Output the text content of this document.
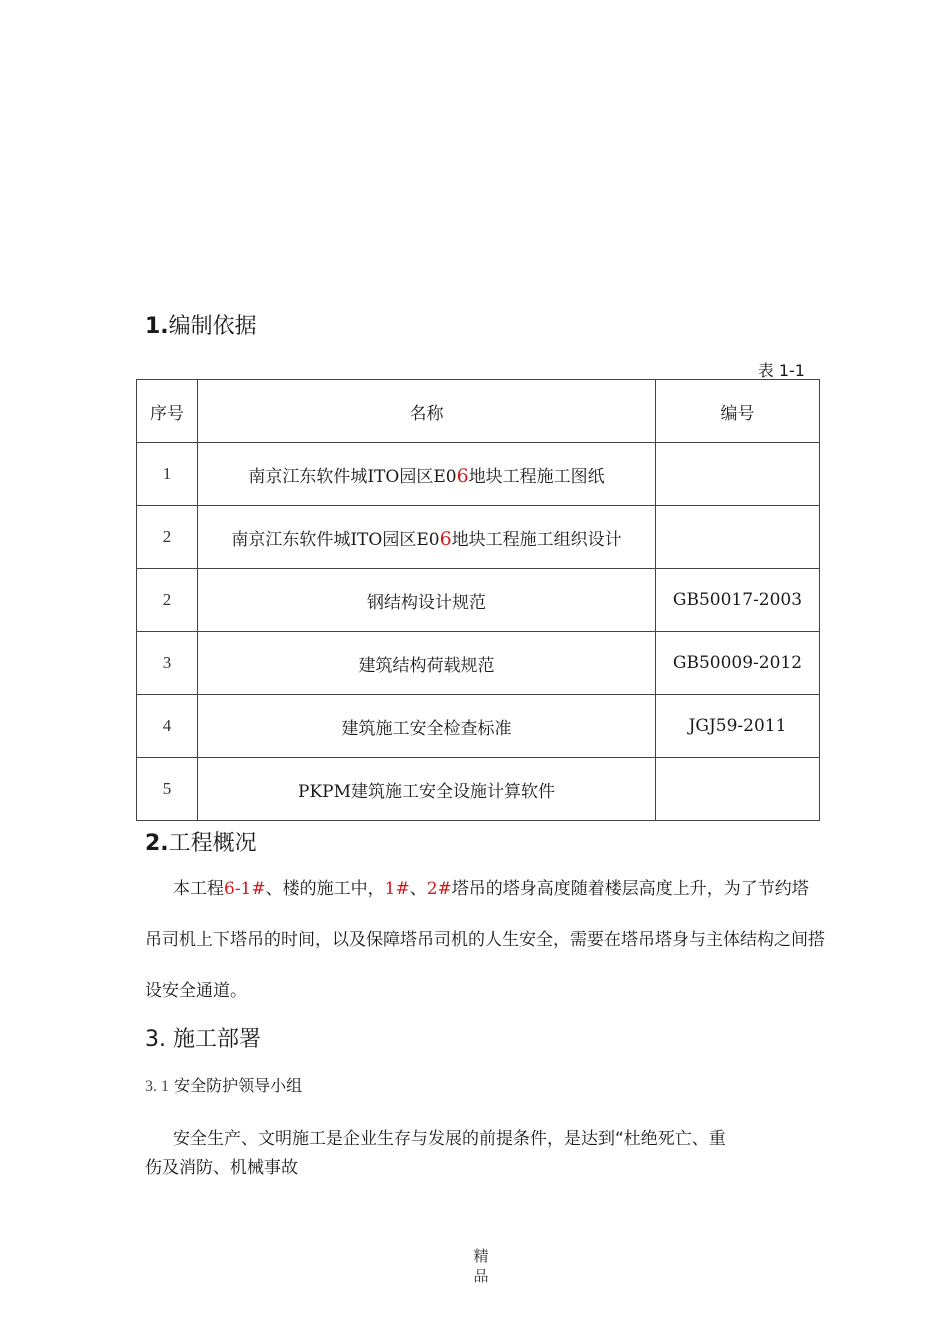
1.编制依据
表 1-1
序号	名称	编号
1	南京江东软件城ITO园区E06地块工程施工图纸	
2	南京江东软件城ITO园区E06地块工程施工组织设计	
2	钢结构设计规范	GB50017-2003
3	建筑结构荷载规范	GB50009-2012
4	建筑施工安全检查标准	JGJ59-2011
5	PKPM建筑施工安全设施计算软件	
2.工程概况
本工程6-1#、楼的施工中，1#、2#塔吊的塔身高度随着楼层高度上升，为了节约塔吊司机上下塔吊的时间，以及保障塔吊司机的人生安全，需要在塔吊塔身与主体结构之间搭设安全通道。
3. 施工部署
3. 1 安全防护领导小组
安全生产、文明施工是企业生存与发展的前提条件，是达到“杜绝死亡、重
伤及消防、机械事故
精
品
